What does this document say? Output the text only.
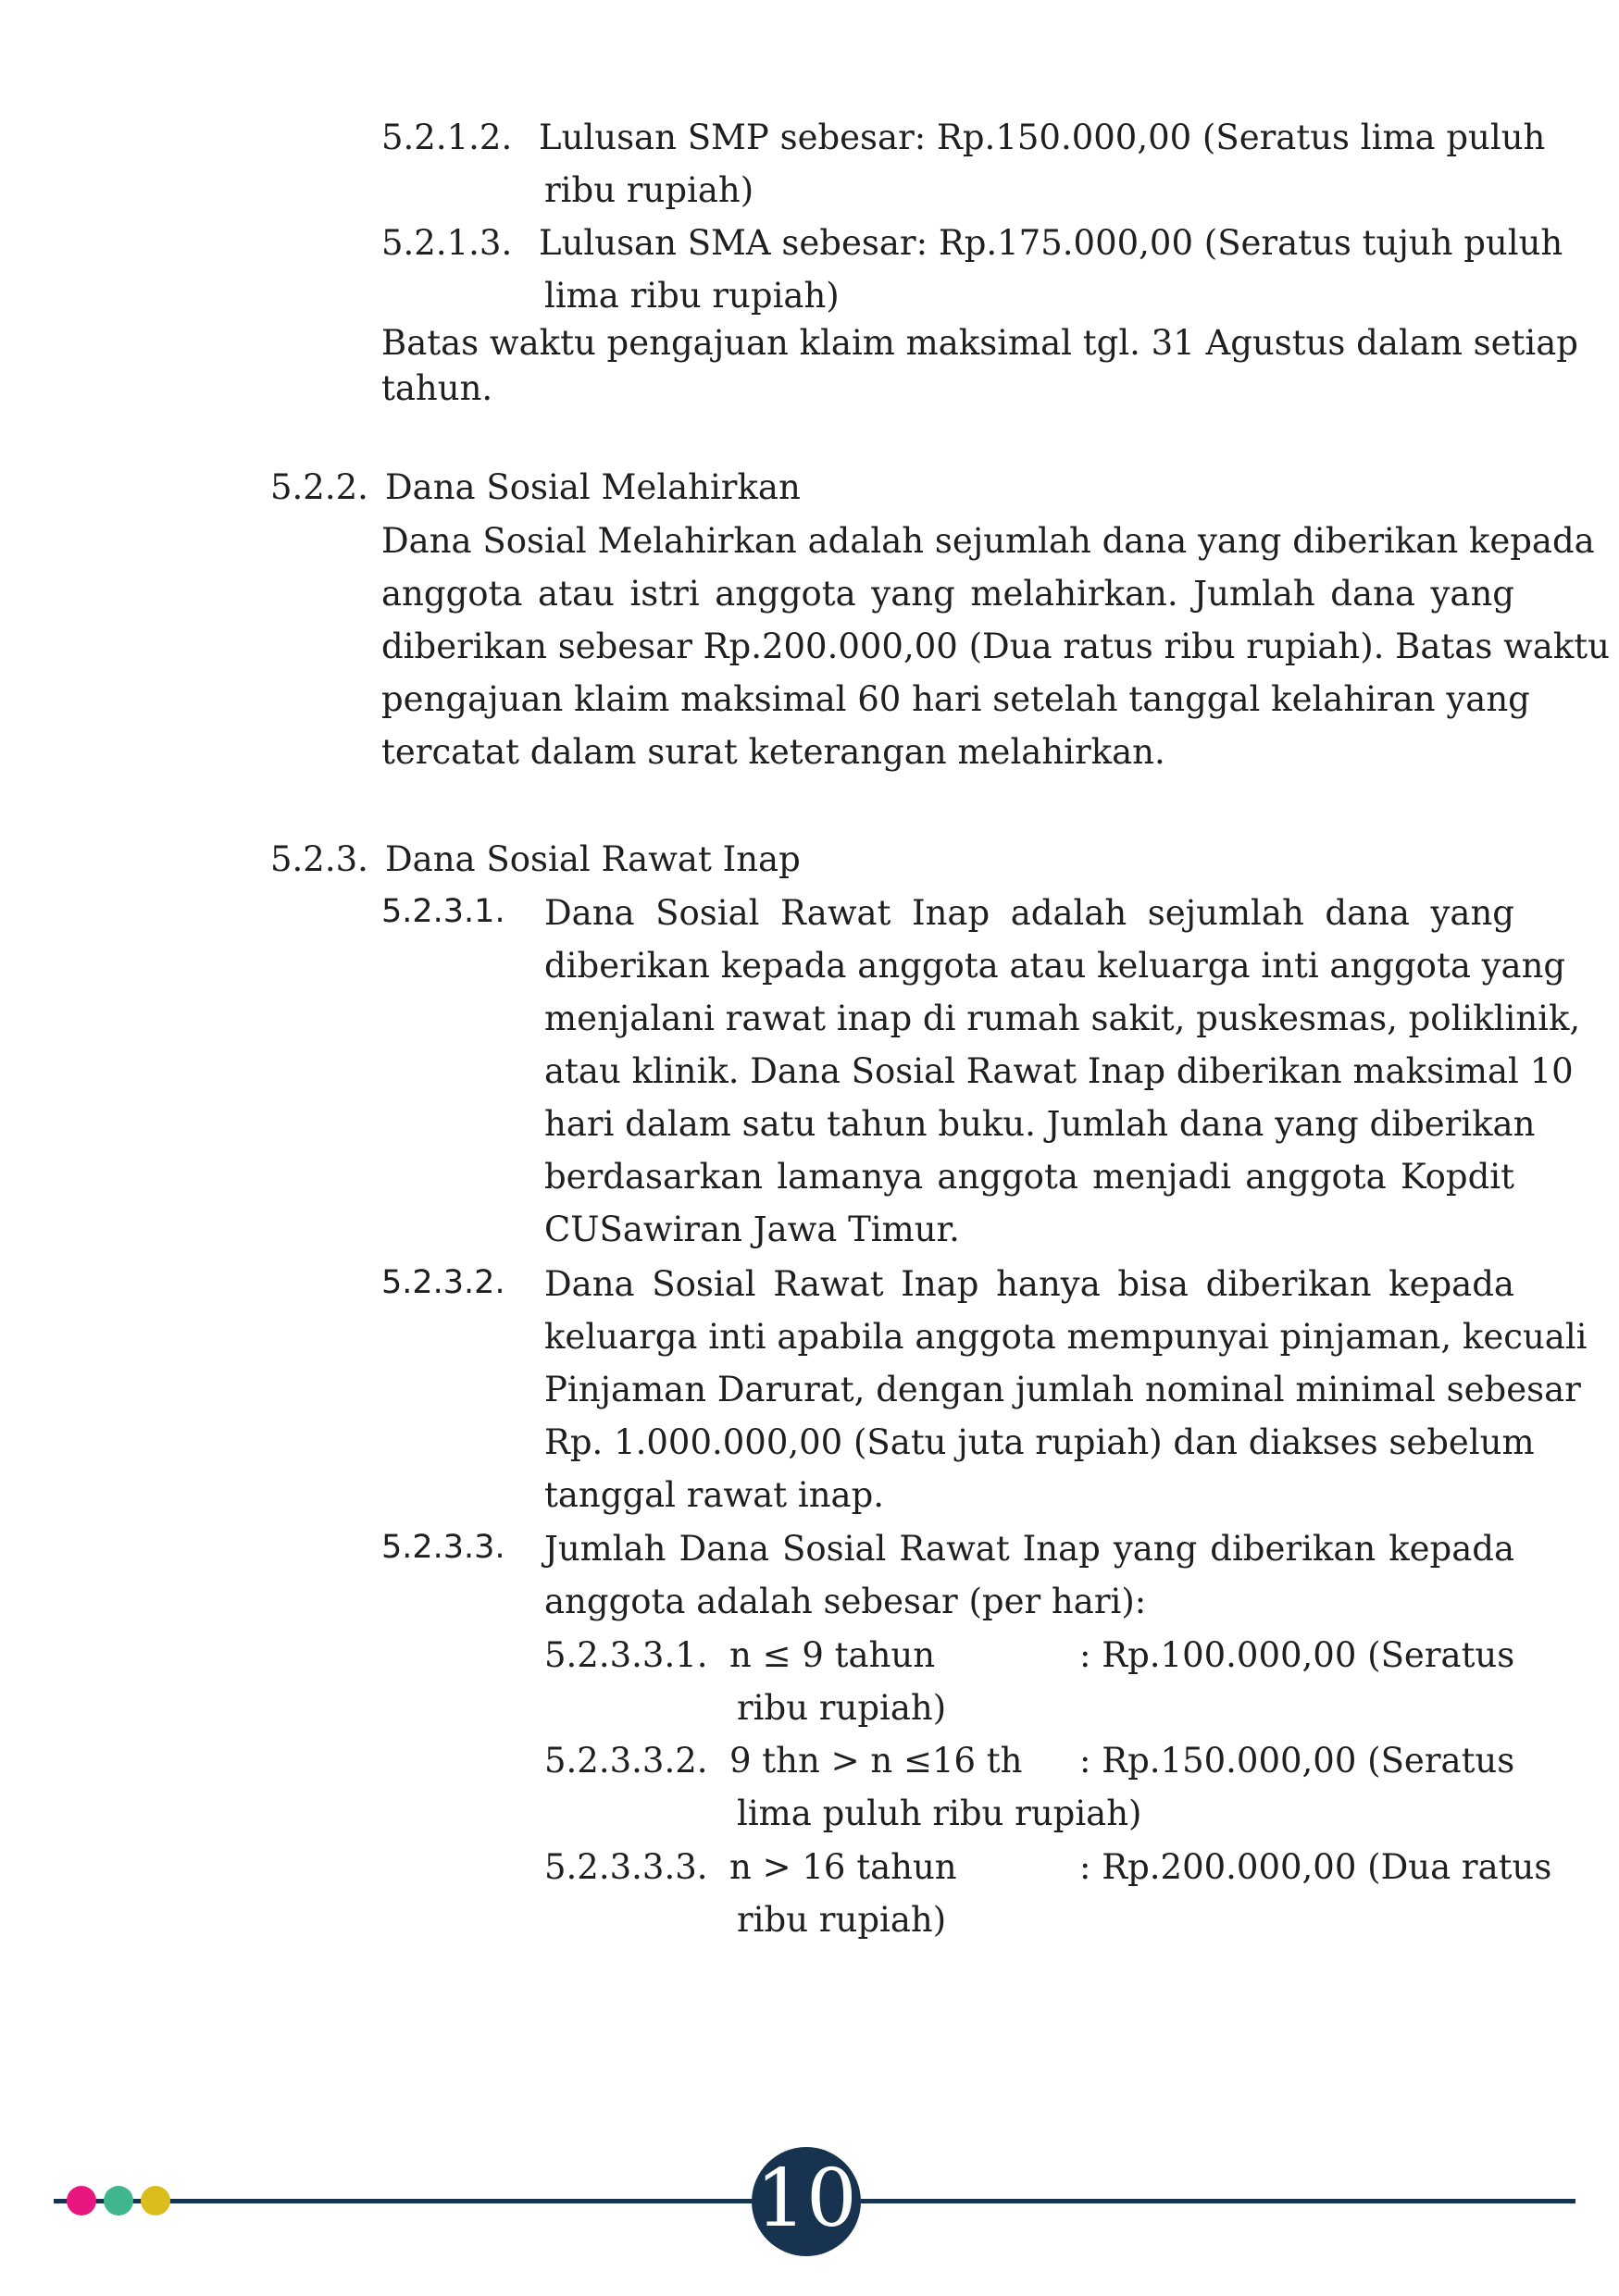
5.2.1.2. Lulusan SMP sebesar: Rp.150.000,00 (Seratus lima puluh
ribu rupiah)
5.2.1.3. Lulusan SMA sebesar: Rp.175.000,00 (Seratus tujuh puluh
lima ribu rupiah)
Batas waktu pengajuan klaim maksimal tgl. 31 Agustus dalam setiap
tahun.
5.2.2. Dana Sosial Melahirkan
Dana Sosial Melahirkan adalah sejumlah dana yang diberikan kepada
anggota atau istri anggota yang melahirkan. Jumlah dana yang
diberikan sebesar Rp.200.000,00 (Dua ratus ribu rupiah). Batas waktu
pengajuan klaim maksimal 60 hari setelah tanggal kelahiran yang
tercatat dalam surat keterangan melahirkan.
5.2.3. Dana Sosial Rawat Inap
5.2.3.1. Dana Sosial Rawat Inap adalah sejumlah dana yang
diberikan kepada anggota atau keluarga inti anggota yang
menjalani rawat inap di rumah sakit, puskesmas, poliklinik,
atau klinik. Dana Sosial Rawat Inap diberikan maksimal 10
hari dalam satu tahun buku. Jumlah dana yang diberikan
berdasarkan lamanya anggota menjadi anggota Kopdit
CUSawiran Jawa Timur.
5.2.3.2. Dana Sosial Rawat Inap hanya bisa diberikan kepada
keluarga inti apabila anggota mempunyai pinjaman, kecuali
Pinjaman Darurat, dengan jumlah nominal minimal sebesar
Rp. 1.000.000,00 (Satu juta rupiah) dan diakses sebelum
tanggal rawat inap.
5.2.3.3. Jumlah Dana Sosial Rawat Inap yang diberikan kepada
anggota adalah sebesar (per hari):
5.2.3.3.1. n ≤ 9 tahun	: Rp.100.000,00 (Seratus
ribu rupiah)
5.2.3.3.2. 9 thn > n ≤16 th : Rp.150.000,00 (Seratus
lima puluh ribu rupiah)
5.2.3.3.3. n > 16 tahun	: Rp.200.000,00 (Dua ratus
ribu rupiah)
10
